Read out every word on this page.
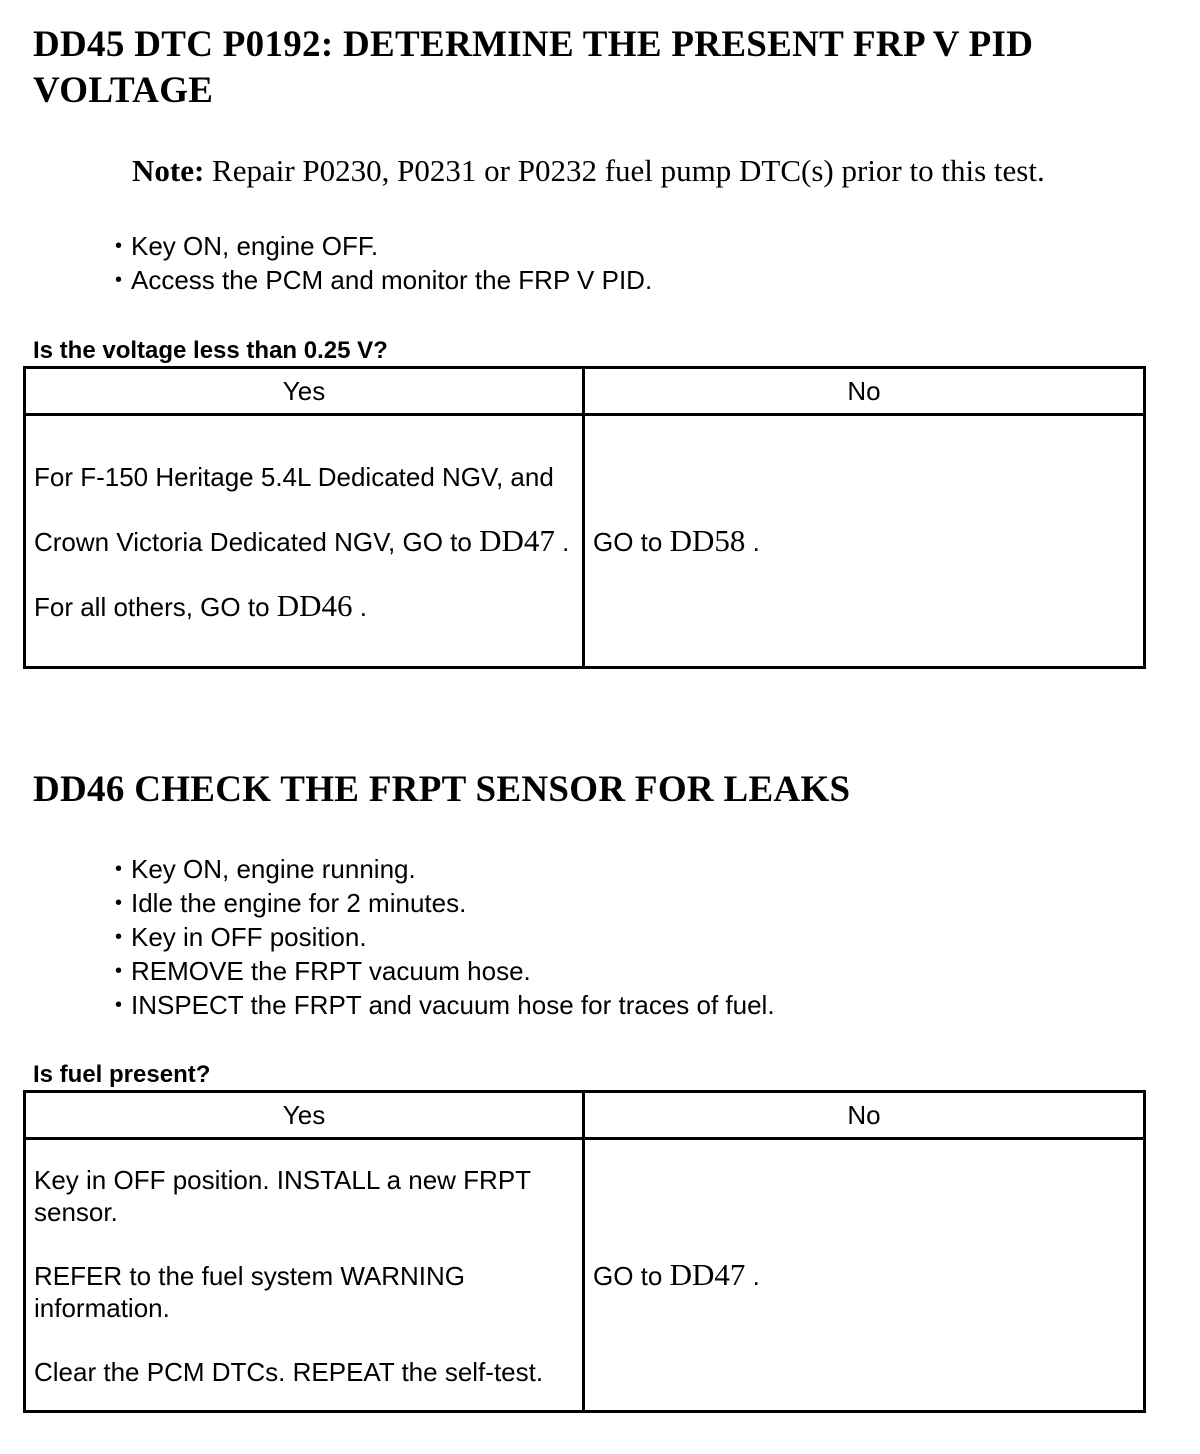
DD45 DTC P0192: DETERMINE THE PRESENT FRP V PID VOLTAGE
Note: Repair P0230, P0231 or P0232 fuel pump DTC(s) prior to this test.
• Key ON, engine OFF.
• Access the PCM and monitor the FRP V PID.
Is the voltage less than 0.25 V?
Yes	No

For F-150 Heritage 5.4L Dedicated NGV, and

Crown Victoria Dedicated NGV, GO to DD47 .

For all others, GO to DD46 .	GO to DD58 .
DD46 CHECK THE FRPT SENSOR FOR LEAKS
• Key ON, engine running.
• Idle the engine for 2 minutes.
• Key in OFF position.
• REMOVE the FRPT vacuum hose.
• INSPECT the FRPT and vacuum hose for traces of fuel.
Is fuel present?
Yes	No

Key in OFF position. INSTALL a new FRPT sensor.

REFER to the fuel system WARNING information.

Clear the PCM DTCs. REPEAT the self-test.	GO to DD47 .
